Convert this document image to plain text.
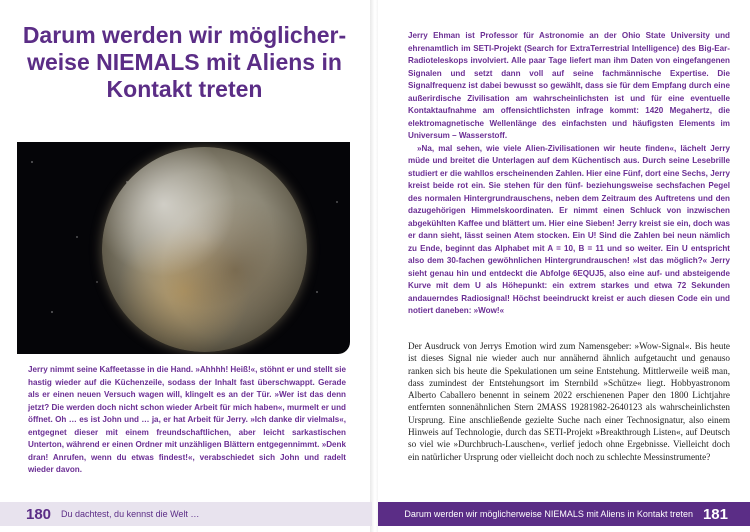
Darum werden wir möglicherweise NIEMALS mit Aliens in Kontakt treten

Jerry nimmt seine Kaffeetasse in die Hand. »Ahhhh! Heiß!«, stöhnt er und stellt sie hastig wieder auf die Küchenzeile, sodass der Inhalt fast überschwappt. Gerade als er einen neuen Versuch wagen will, klingelt es an der Tür. »Wer ist das denn jetzt? Die werden doch nicht schon wieder Arbeit für mich haben«, murmelt er und öffnet. Oh … es ist John und … ja, er hat Arbeit für Jerry. »Ich danke dir vielmals«, entgegnet dieser mit einem freundschaftlichen, aber leicht sarkastischen Unterton, während er einen Ordner mit unzähligen Blättern entgegennimmt. »Denk dran! Anrufen, wenn du etwas findest!«, verabschiedet sich John und radelt wieder davon.

Jerry Ehman ist Professor für Astronomie an der Ohio State University und ehrenamtlich im SETI-Projekt (Search for ExtraTerrestrial Intelligence) des Big-Ear-Radioteleskops involviert. Alle paar Tage liefert man ihm Daten von eingefangenen Signalen und setzt dann voll auf seine fachmännische Expertise. Die Signalfrequenz ist dabei bewusst so gewählt, dass sie für dem Empfang durch eine außerirdische Zivilisation am wahrscheinlichsten ist und für eine eventuelle Kontaktaufnahme am offensichtlichsten infrage kommt: 1420 Megahertz, die elektromagnetische Wellenlänge des einfachsten und häufigsten Elements im Universum – Wasserstoff.

»Na, mal sehen, wie viele Alien-Zivilisationen wir heute finden«, lächelt Jerry müde und breitet die Unterlagen auf dem Küchentisch aus. Durch seine Lesebrille studiert er die wahllos erscheinenden Zahlen. Hier eine Fünf, dort eine Sechs, Jerry kreist beide rot ein. Sie stehen für den fünf- beziehungsweise sechsfachen Pegel des normalen Hintergrundrauschens, neben dem Zeitraum des Auftretens und den dazugehörigen Himmelskoordinaten. Er nimmt einen Schluck von inzwischen abgekühlten Kaffee und blättert um. Hier eine Sieben! Jerry kreist sie ein, doch was er dann sieht, lässt seinen Atem stocken. Ein U! Sind die Zahlen bei neun nämlich zu Ende, beginnt das Alphabet mit A = 10, B = 11 und so weiter. Ein U entspricht also dem 30-fachen gewöhnlichen Hintergrundrauschen! »Ist das möglich?« Jerry sieht genau hin und entdeckt die Abfolge 6EQUJ5, also eine auf- und absteigende Kurve mit dem U als Höhepunkt: ein extrem starkes und etwa 72 Sekunden andauerndes Radiosignal! Höchst beeindruckt kreist er auch diesen Code ein und notiert daneben: »Wow!«

Der Ausdruck von Jerrys Emotion wird zum Namensgeber: »Wow-Signal«. Bis heute ist dieses Signal nie wieder auch nur annähernd ähnlich aufgetaucht und genauso ranken sich bis heute die Spekulationen um seine Entstehung. Mittlerweile weiß man, dass zumindest der Entstehungsort im Sternbild »Schütze« liegt. Hobbyastronom Alberto Caballero benennt in seinem 2022 erschienenen Paper den 1800 Lichtjahre entfernten sonnenähnlichen Stern 2MASS 19281982-2640123 als wahrscheinlichsten Ursprung. Eine anschließende gezielte Suche nach einer Technosignatur, also einem Hinweis auf Technologie, durch das SETI-Projekt »Breakthrough Listen«, auf Deutsch so viel wie »Durchbruch-Lauschen«, verlief jedoch ohne Ergebnisse. Vielleicht doch ein natürlicher Ursprung oder vielleicht doch noch zu schlechte Messinstrumente?

180 Du dachtest, du kennst die Welt …	Darum werden wir möglicherweise NIEMALS mit Aliens in Kontakt treten 181
